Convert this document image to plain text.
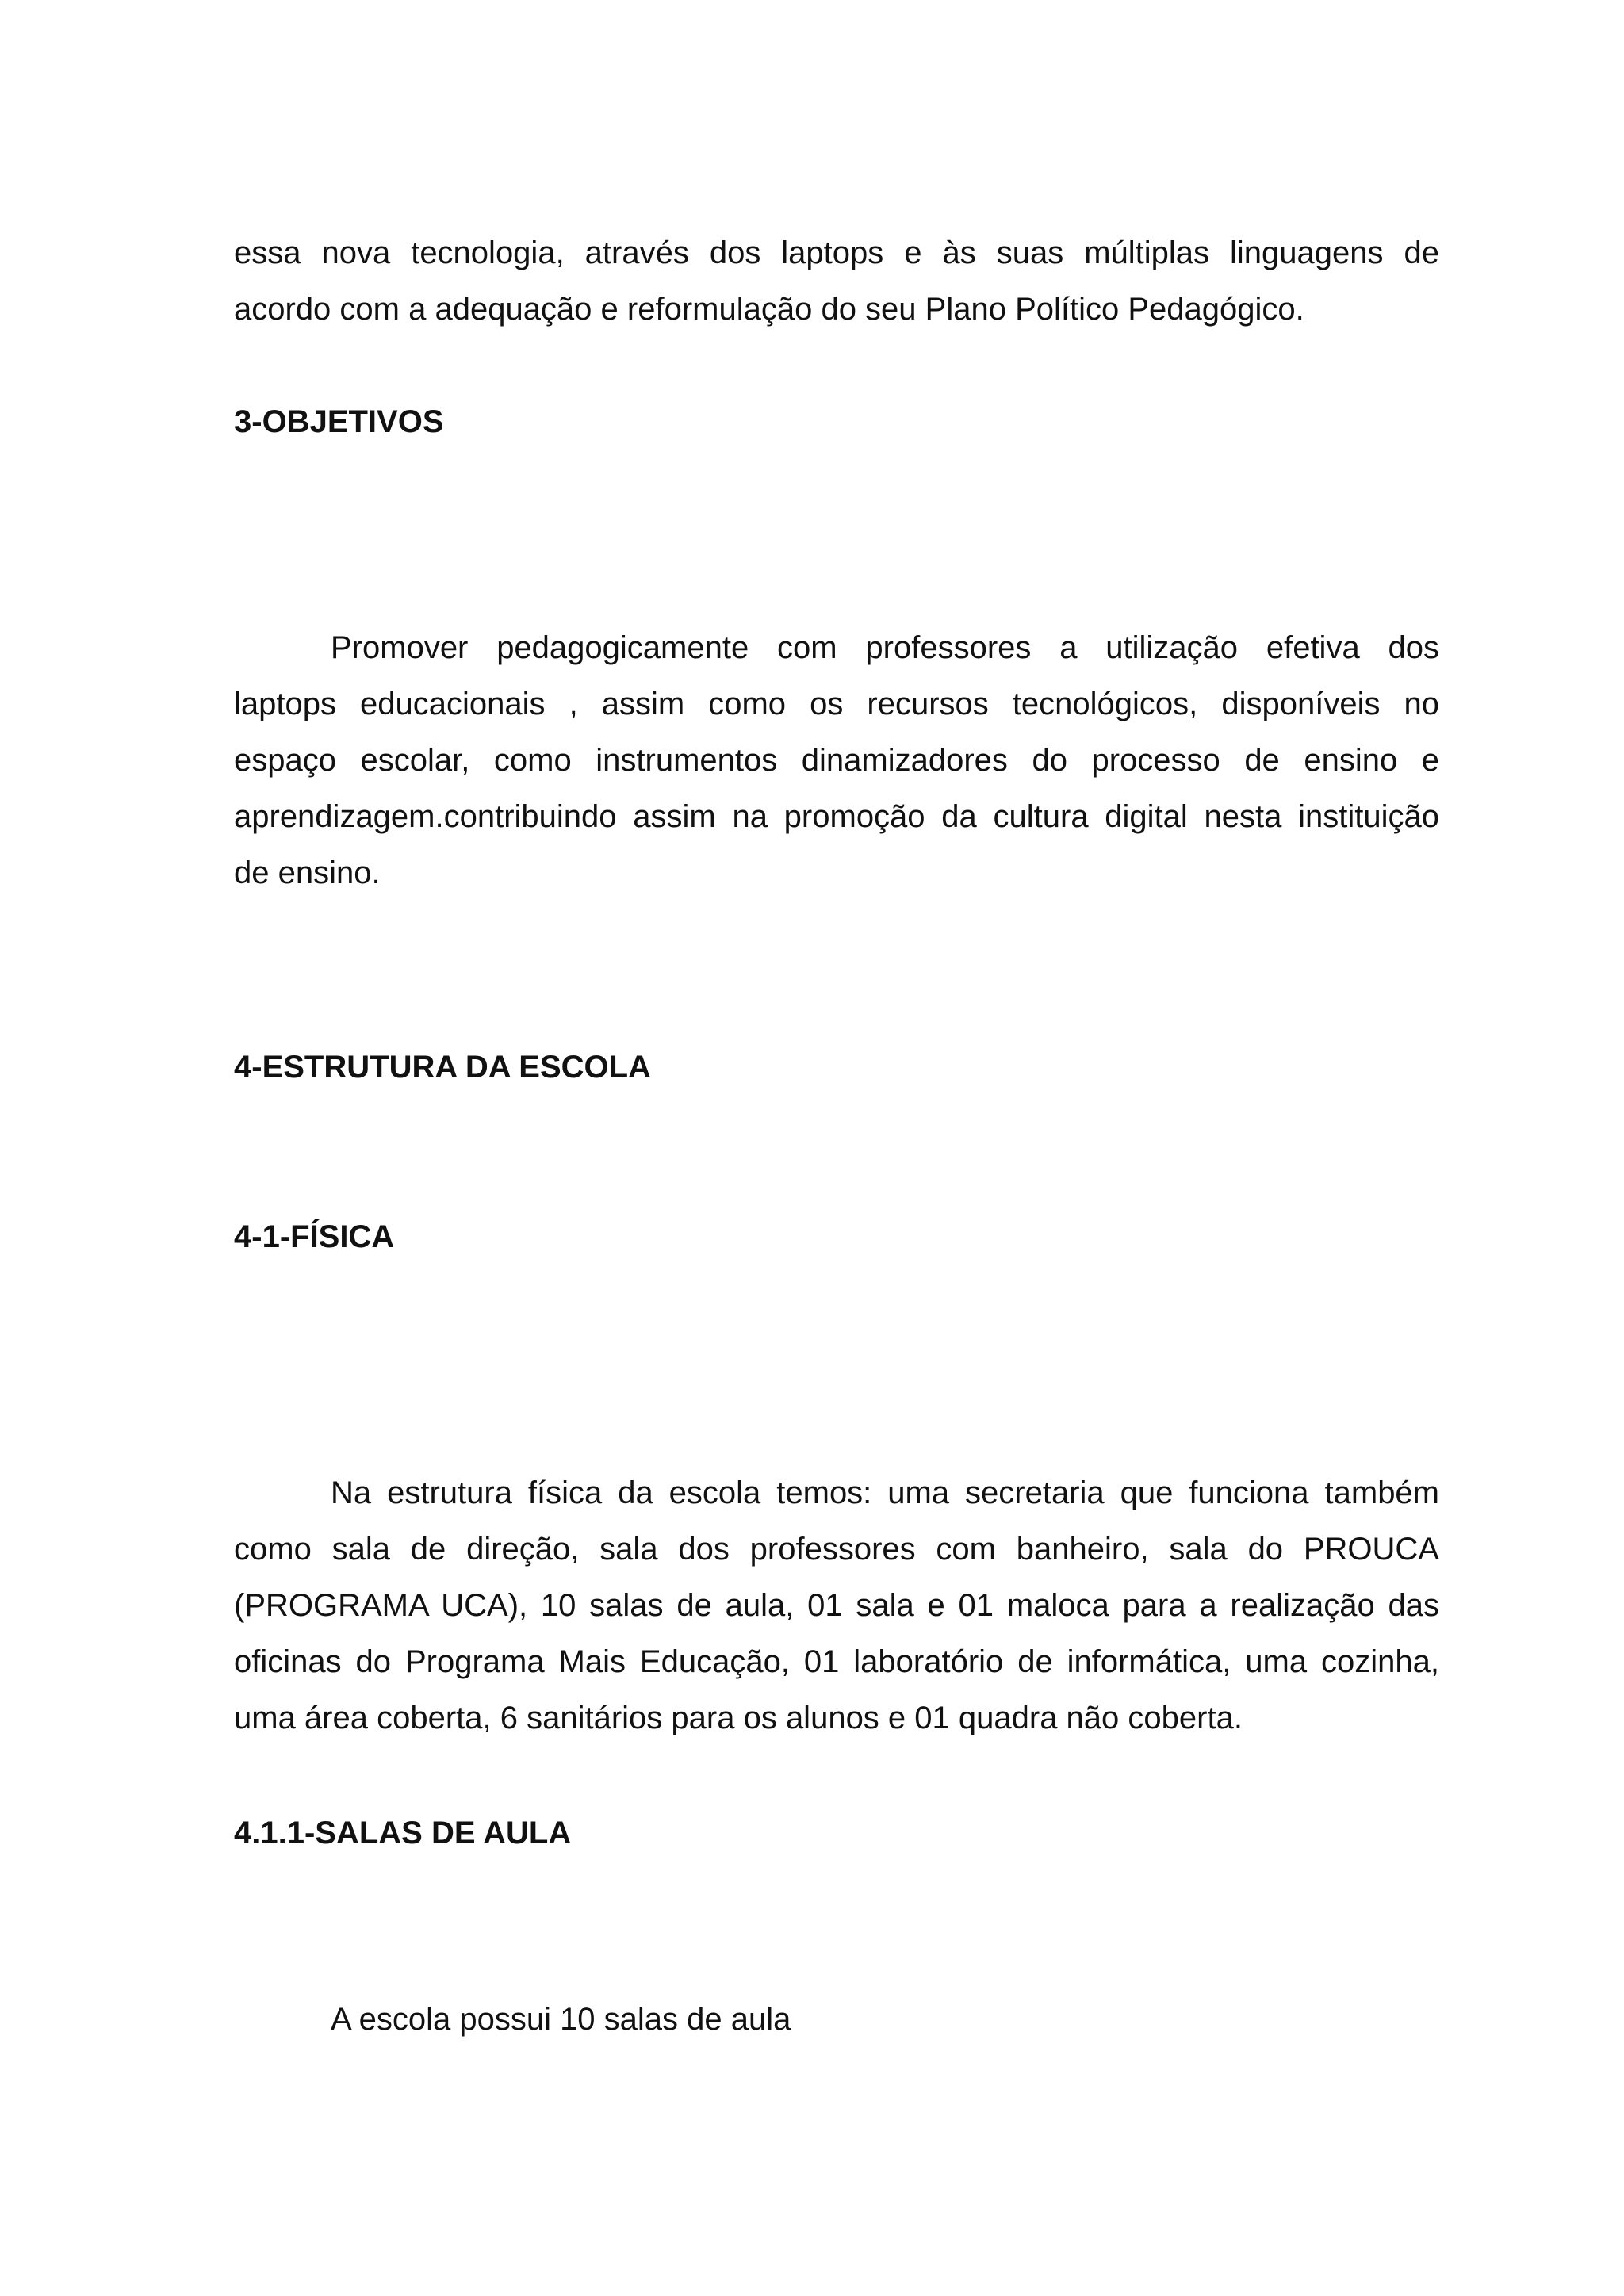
essa nova tecnologia, através dos laptops e às suas múltiplas linguagens de
acordo com a adequação e reformulação do seu Plano Político Pedagógico.
3-OBJETIVOS
Promover pedagogicamente com professores a utilização efetiva dos
laptops educacionais , assim como os recursos tecnológicos, disponíveis no
espaço escolar, como instrumentos dinamizadores do processo de ensino e
aprendizagem.contribuindo assim na promoção da cultura digital nesta instituição
de ensino.
4-ESTRUTURA DA ESCOLA
4-1-FÍSICA
Na estrutura física da escola temos: uma secretaria que funciona também
como sala de direção, sala dos professores com banheiro, sala do PROUCA
(PROGRAMA UCA), 10 salas de aula, 01 sala e 01 maloca para a realização das
oficinas do Programa Mais Educação, 01 laboratório de informática, uma cozinha,
uma área coberta, 6 sanitários para os alunos e 01 quadra não coberta.
4.1.1-SALAS DE AULA
A escola possui 10 salas de aula
